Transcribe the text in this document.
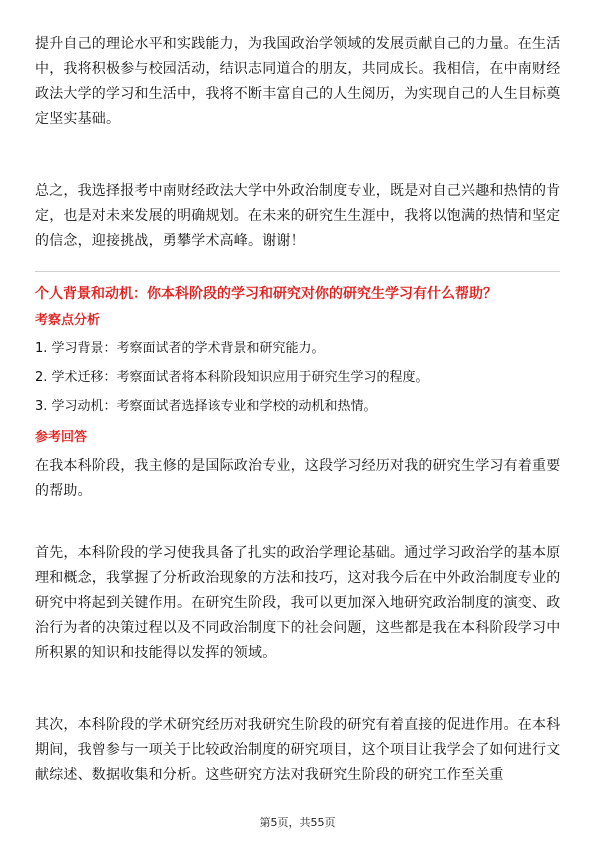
提升自己的理论水平和实践能力，为我国政治学领域的发展贡献自己的力量。在生活中，我将积极参与校园活动，结识志同道合的朋友，共同成长。我相信，在中南财经政法大学的学习和生活中，我将不断丰富自己的人生阅历，为实现自己的人生目标奠定坚实基础。

总之，我选择报考中南财经政法大学中外政治制度专业，既是对自己兴趣和热情的肯定，也是对未来发展的明确规划。在未来的研究生生涯中，我将以饱满的热情和坚定的信念，迎接挑战，勇攀学术高峰。谢谢！

个人背景和动机：你本科阶段的学习和研究对你的研究生学习有什么帮助？
考察点分析
1. 学习背景：考察面试者的学术背景和研究能力。
2. 学术迁移：考察面试者将本科阶段知识应用于研究生学习的程度。
3. 学习动机：考察面试者选择该专业和学校的动机和热情。
参考回答

在我本科阶段，我主修的是国际政治专业，这段学习经历对我的研究生学习有着重要的帮助。

首先，本科阶段的学习使我具备了扎实的政治学理论基础。通过学习政治学的基本原理和概念，我掌握了分析政治现象的方法和技巧，这对我今后在中外政治制度专业的研究中将起到关键作用。在研究生阶段，我可以更加深入地研究政治制度的演变、政治行为者的决策过程以及不同政治制度下的社会问题，这些都是我在本科阶段学习中所积累的知识和技能得以发挥的领域。

其次，本科阶段的学术研究经历对我研究生阶段的研究有着直接的促进作用。在本科期间，我曾参与一项关于比较政治制度的研究项目，这个项目让我学会了如何进行文献综述、数据收集和分析。这些研究方法对我研究生阶段的研究工作至关重

第5页，共55页
